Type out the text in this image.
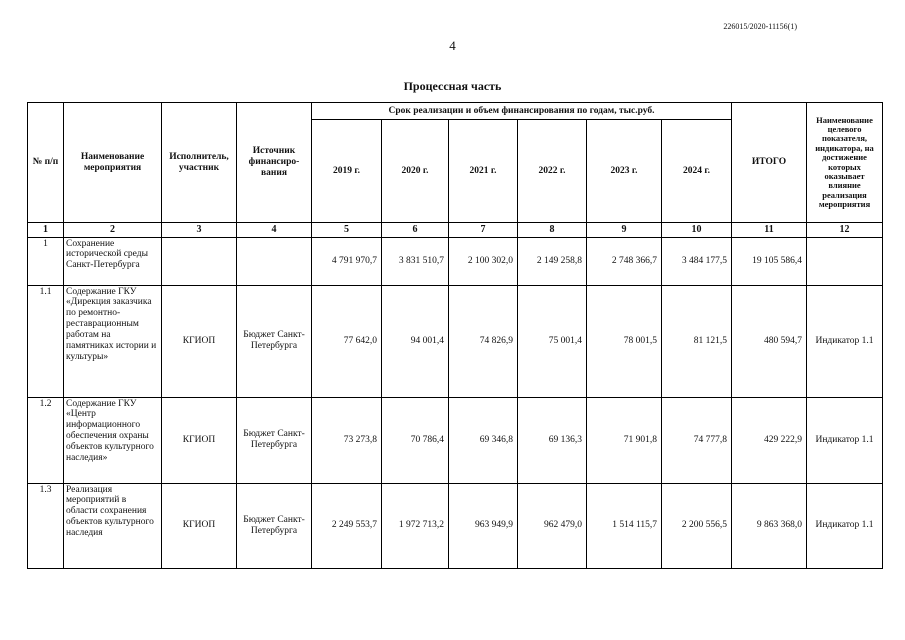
226015/2020-11156(1)
4
Процессная часть
№ п/п	Наименование мероприятия	Исполнитель, участник	Источник финансиро-вания	Срок реализации и объем финансирования по годам, тыс.руб.						ИТОГО	Наименование целевого показателя, индикатора, на достижение которых оказывает влияние реализация мероприятия
				2019 г.	2020 г.	2021 г.	2022 г.	2023 г.	2024 г.		
1	2	3	4	5	6	7	8	9	10	11	12
1	Сохранение исторической среды Санкт-Петербурга			4 791 970,7	3 831 510,7	2 100 302,0	2 149 258,8	2 748 366,7	3 484 177,5	19 105 586,4	
1.1	Содержание ГКУ «Дирекция заказчика по ремонтно-реставрационным работам на памятниках истории и культуры»	КГИОП	Бюджет Санкт-Петербурга	77 642,0	94 001,4	74 826,9	75 001,4	78 001,5	81 121,5	480 594,7	Индикатор 1.1
1.2	Содержание ГКУ «Центр информационного обеспечения охраны объектов культурного наследия»	КГИОП	Бюджет Санкт-Петербурга	73 273,8	70 786,4	69 346,8	69 136,3	71 901,8	74 777,8	429 222,9	Индикатор 1.1
1.3	Реализация мероприятий в области сохранения объектов культурного наследия	КГИОП	Бюджет Санкт-Петербурга	2 249 553,7	1 972 713,2	963 949,9	962 479,0	1 514 115,7	2 200 556,5	9 863 368,0	Индикатор 1.1
